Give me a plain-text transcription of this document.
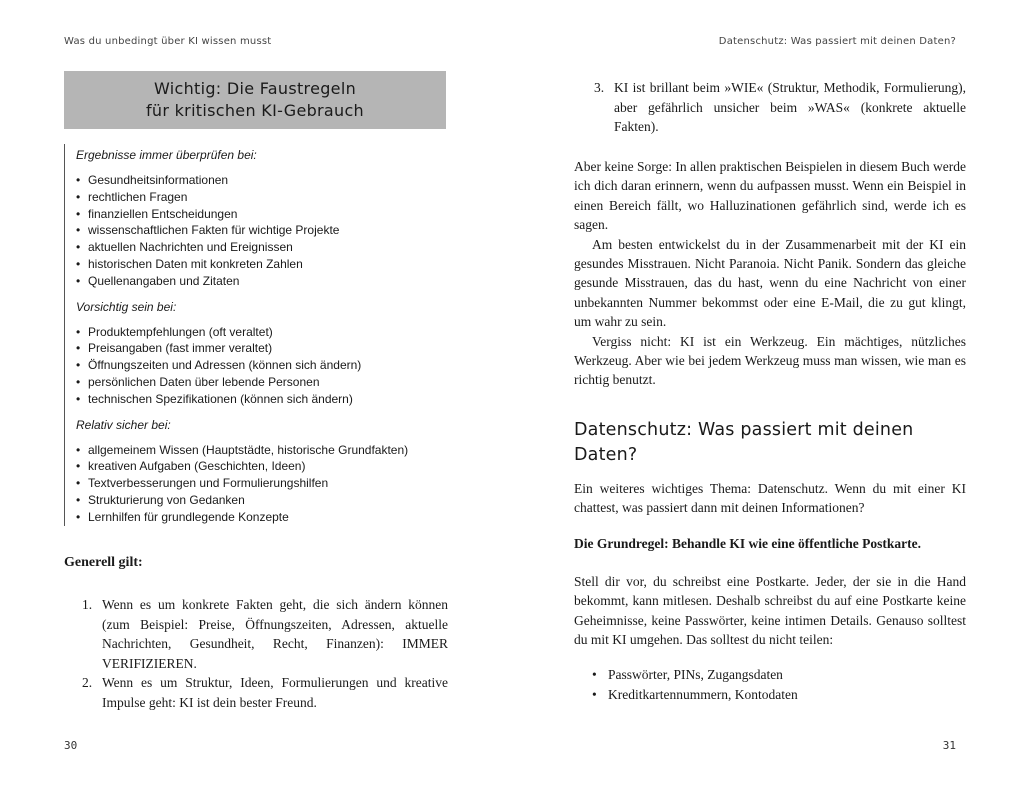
Was du unbedingt über KI wissen musst
Wichtig: Die Faustregeln
für kritischen KI-Gebrauch
Ergebnisse immer überprüfen bei:
• Gesundheitsinformationen
• rechtlichen Fragen
• finanziellen Entscheidungen
• wissenschaftlichen Fakten für wichtige Projekte
• aktuellen Nachrichten und Ereignissen
• historischen Daten mit konkreten Zahlen
• Quellenangaben und Zitaten
Vorsichtig sein bei:
• Produktempfehlungen (oft veraltet)
• Preisangaben (fast immer veraltet)
• Öffnungszeiten und Adressen (können sich ändern)
• persönlichen Daten über lebende Personen
• technischen Spezifikationen (können sich ändern)
Relativ sicher bei:
• allgemeinem Wissen (Hauptstädte, historische Grundfakten)
• kreativen Aufgaben (Geschichten, Ideen)
• Textverbesserungen und Formulierungshilfen
• Strukturierung von Gedanken
• Lernhilfen für grundlegende Konzepte
Generell gilt:
1. Wenn es um konkrete Fakten geht, die sich ändern können (zum Beispiel: Preise, Öffnungszeiten, Adressen, aktuelle Nachrichten, Gesundheit, Recht, Finanzen): IMMER VERIFIZIEREN.
2. Wenn es um Struktur, Ideen, Formulierungen und kreative Impulse geht: KI ist dein bester Freund.
30
Datenschutz: Was passiert mit deinen Daten?
3. KI ist brillant beim »WIE« (Struktur, Methodik, Formulierung), aber gefährlich unsicher beim »WAS« (konkrete aktuelle Fakten).

Aber keine Sorge: In allen praktischen Beispielen in diesem Buch werde ich dich daran erinnern, wenn du aufpassen musst. Wenn ein Beispiel in einen Bereich fällt, wo Halluzinationen gefährlich sind, werde ich es sagen.

Am besten entwickelst du in der Zusammenarbeit mit der KI ein gesundes Misstrauen. Nicht Paranoia. Nicht Panik. Sondern das gleiche gesunde Misstrauen, das du hast, wenn du eine Nachricht von einer unbekannten Nummer bekommst oder eine E-Mail, die zu gut klingt, um wahr zu sein.

Vergiss nicht: KI ist ein Werkzeug. Ein mächtiges, nützliches Werkzeug. Aber wie bei jedem Werkzeug muss man wissen, wie man es richtig benutzt.

Datenschutz: Was passiert mit deinen Daten?

Ein weiteres wichtiges Thema: Datenschutz. Wenn du mit einer KI chattest, was passiert dann mit deinen Informationen?

Die Grundregel: Behandle KI wie eine öffentliche Postkarte.

Stell dir vor, du schreibst eine Postkarte. Jeder, der sie in die Hand bekommt, kann mitlesen. Deshalb schreibst du auf eine Postkarte keine Geheimnisse, keine Passwörter, keine intimen Details. Genauso solltest du mit KI umgehen. Das solltest du nicht teilen:

• Passwörter, PINs, Zugangsdaten
• Kreditkartennummern, Kontodaten
31
